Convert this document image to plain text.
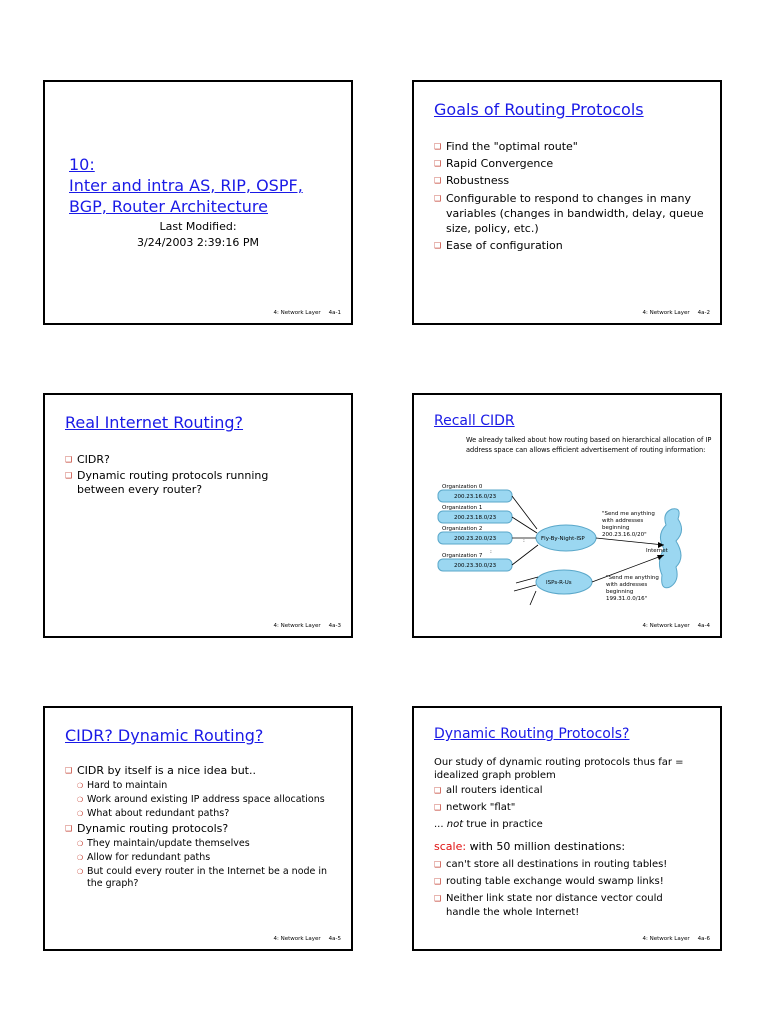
10:
Inter and intra AS, RIP, OSPF,
BGP, Router Architecture
Last Modified:
3/24/2003 2:39:16 PM
4: Network Layer 4a-1
Goals of Routing Protocols
❑ Find the "optimal route"
❑ Rapid Convergence
❑ Robustness
❑ Configurable to respond to changes in many variables (changes in bandwidth, delay, queue size, policy, etc.)
❑ Ease of configuration
4: Network Layer 4a-2
Real Internet Routing?
❑ CIDR?
❑ Dynamic routing protocols running between every router?
4: Network Layer 4a-3
Recall CIDR
We already talked about how routing based on hierarchical allocation of IP address space can allows efficient advertisement of routing information:
Organization 0
200.23.16.0/23
Organization 1
200.23.18.0/23
Organization 2
200.23.20.0/23
:
Organization 7
200.23.30.0/23
Fly-By-Night-ISP
ISPs-R-Us
:
Internet
"Send me anything
with addresses
beginning
200.23.16.0/20"
"Send me anything
with addresses
beginning
199.31.0.0/16"
4: Network Layer 4a-4
CIDR? Dynamic Routing?
❑ CIDR by itself is a nice idea but..
❍ Hard to maintain
❍ Work around existing IP address space allocations
❍ What about redundant paths?
❑ Dynamic routing protocols?
❍ They maintain/update themselves
❍ Allow for redundant paths
❍ But could every router in the Internet be a node in the graph?
4: Network Layer 4a-5
Dynamic Routing Protocols?
Our study of dynamic routing protocols thus far = idealized graph problem
❑ all routers identical
❑ network "flat"
... not true in practice
scale: with 50 million destinations:
❑ can't store all destinations in routing tables!
❑ routing table exchange would swamp links!
❑ Neither link state nor distance vector could handle the whole Internet!
4: Network Layer 4a-6
